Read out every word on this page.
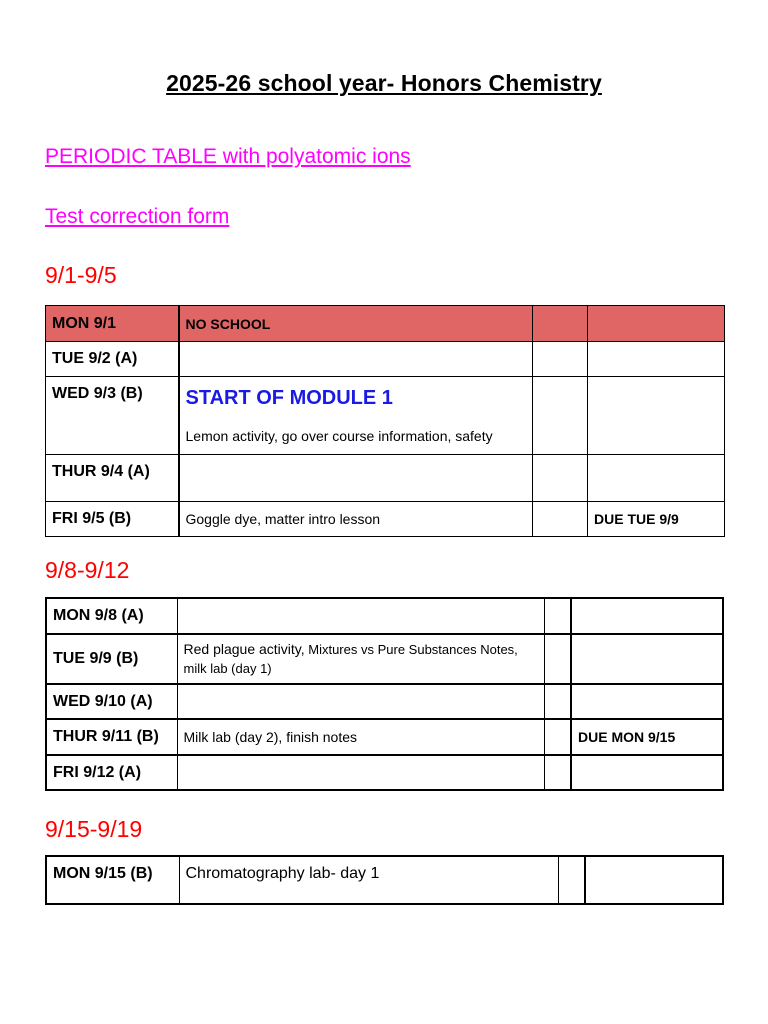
2025-26 school year- Honors Chemistry
PERIODIC TABLE with polyatomic ions
Test correction form
9/1-9/5
MON 9/1	NO SCHOOL		
TUE 9/2 (A)			
WED 9/3 (B)	START OF MODULE 1
Lemon activity, go over course information, safety		

THUR 9/4 (A)			
FRI 9/5 (B)	Goggle dye, matter intro lesson		DUE TUE 9/9
9/8-9/12
MON 9/8 (A)			
TUE 9/9 (B)	Red plague activity, Mixtures vs Pure Substances Notes, milk lab (day 1)		
WED 9/10 (A)			
THUR 9/11 (B)	Milk lab (day 2), finish notes		DUE MON 9/15
FRI 9/12 (A)			
9/15-9/19
MON 9/15 (B)	Chromatography lab- day 1		
